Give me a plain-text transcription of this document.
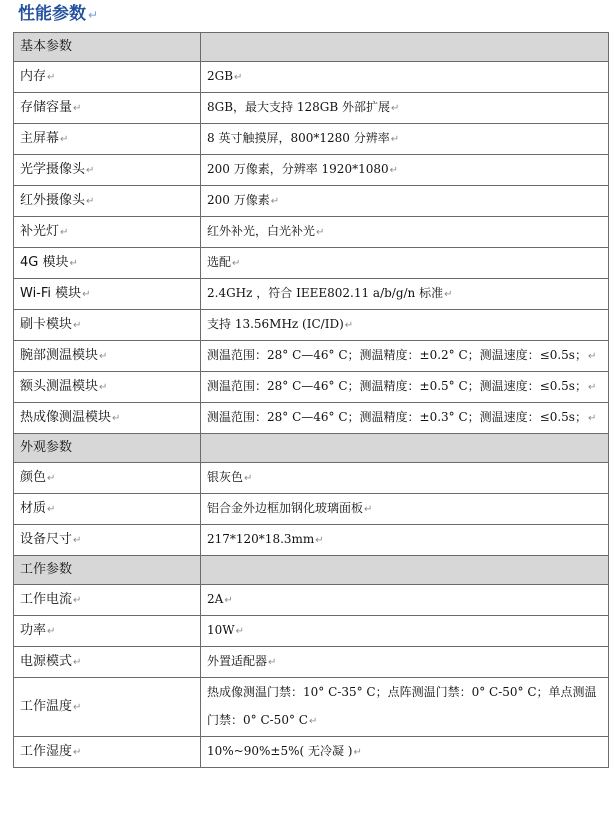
性能参数 ↵
基本参数	
内存↵	2GB↵
存储容量↵	8GB，最大支持 128GB 外部扩展↵
主屏幕↵	8 英寸触摸屏，800*1280 分辨率↵
光学摄像头↵	200 万像素，分辨率 1920*1080↵
红外摄像头↵	200 万像素↵
补光灯↵	红外补光，白光补光↵
4G 模块↵	选配↵
Wi-Fi 模块↵	2.4GHz ，符合 IEEE802.11 a/b/g/n 标准↵
刷卡模块↵	支持 13.56MHz (IC/ID)↵
腕部测温模块↵	测温范围：28° C—46° C；测温精度：±0.2° C；测温速度：≤0.5s；↵
额头测温模块↵	测温范围：28° C—46° C；测温精度：±0.5° C；测温速度：≤0.5s；↵
热成像测温模块↵	测温范围：28° C—46° C；测温精度：±0.3° C；测温速度：≤0.5s；↵
外观参数	
颜色↵	银灰色↵
材质↵	铝合金外边框加钢化玻璃面板↵
设备尺寸↵	217*120*18.3mm↵
工作参数	
工作电流↵	2A↵
功率↵	10W↵
电源模式↵	外置适配器↵
工作温度↵	热成像测温门禁：10° C-35° C；点阵测温门禁：0° C-50° C；单点测温门禁：0° C-50° C↵
工作湿度↵	10%~90%±5%( 无冷凝 )↵
